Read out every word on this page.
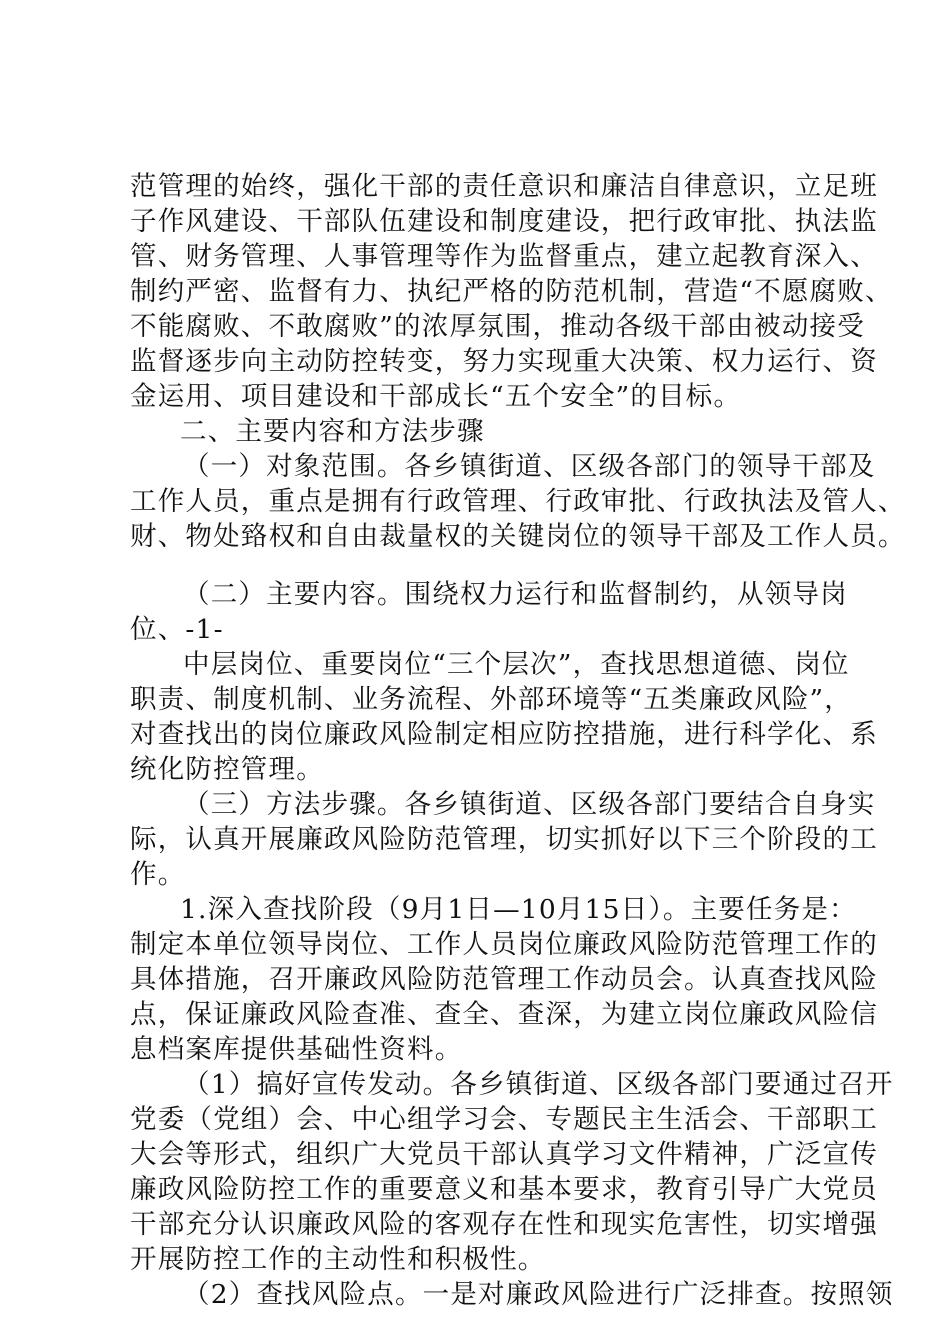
范管理的始终，强化干部的责任意识和廉洁自律意识，立足班
子作风建设、干部队伍建设和制度建设，把行政审批、执法监
管、财务管理、人事管理等作为监督重点，建立起教育深入、
制约严密、监督有力、执纪严格的防范机制，营造“不愿腐败、
不能腐败、不敢腐败”的浓厚氛围，推动各级干部由被动接受
监督逐步向主动防控转变，努力实现重大决策、权力运行、资
金运用、项目建设和干部成长“五个安全”的目标。
二、主要内容和方法步骤
（一）对象范围。各乡镇街道、区级各部门的领导干部及
工作人员，重点是拥有行政管理、行政审批、行政执法及管人、
财、物处臵权和自由裁量权的关键岗位的领导干部及工作人员。
（二）主要内容。围绕权力运行和监督制约，从领导岗
位、-1-
中层岗位、重要岗位“三个层次”，查找思想道德、岗位
职责、制度机制、业务流程、外部环境等“五类廉政风险”，
对查找出的岗位廉政风险制定相应防控措施，进行科学化、系
统化防控管理。
（三）方法步骤。各乡镇街道、区级各部门要结合自身实
际，认真开展廉政风险防范管理，切实抓好以下三个阶段的工
作。
1.深入查找阶段（9月1日—10月15日）。主要任务是：
制定本单位领导岗位、工作人员岗位廉政风险防范管理工作的
具体措施，召开廉政风险防范管理工作动员会。认真查找风险
点，保证廉政风险查准、查全、查深，为建立岗位廉政风险信
息档案库提供基础性资料。
（1）搞好宣传发动。各乡镇街道、区级各部门要通过召开
党委（党组）会、中心组学习会、专题民主生活会、干部职工
大会等形式，组织广大党员干部认真学习文件精神，广泛宣传
廉政风险防控工作的重要意义和基本要求，教育引导广大党员
干部充分认识廉政风险的客观存在性和现实危害性，切实增强
开展防控工作的主动性和积极性。
（2）查找风险点。一是对廉政风险进行广泛排查。按照领
